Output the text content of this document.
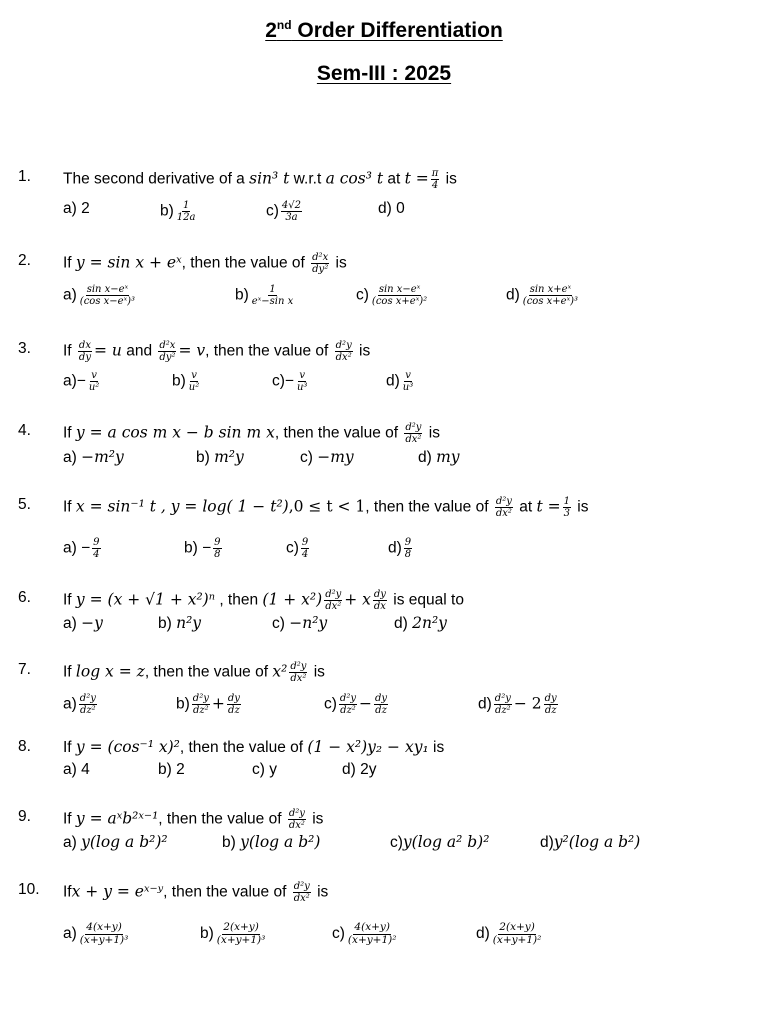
2nd Order Differentiation
Sem-III : 2025
1. The second derivative of a sin³ t w.r.t a cos³ t at $t = \frac{\pi}{4}$ is
a) 2	$b) \frac{1}{12a}$	$c) \frac{4√2}{3a}$	d) 0
2. If y = sin x + eˣ, then the value of $\frac{\text{d²x}}{\text{dy²}}$ is
$a) \frac{\text{sin x−eˣ}}{\text{(cos x−eˣ)³}}$	$b) \frac{1}{\text{eˣ−sin x}}$	$c) \frac{\text{sin x−eˣ}}{\text{(cos x+eˣ)²}}$	$d) \frac{\text{sin x+eˣ}}{\text{(cos x+eˣ)³}}$
3. If $\frac{dx}{dy} = u$ and $\frac{\text{d²x}}{\text{dy²}} = v$, then the value of $\frac{\text{d²y}}{\text{dx²}}$ is
$a)- \frac{v}{\text{u²}}$	$b) \frac{v}{\text{u²}}$	$c)- \frac{v}{\text{u³}}$	$d) \frac{v}{\text{u³}}$
4. If y = a cos m x − b sin m x, then the value of $\frac{\text{d²y}}{\text{dx²}}$ is
a) −m²y	b) m²y	c) −my	d) my
5. If x = sin⁻¹ t , y = log( 1 − t²),0 ≤ t < 1, then the value of $\frac{\text{d²y}}{\text{dx²}}$ at $t = \frac{1}{3}$ is
$a) - \frac{9}{4}$	$b) - \frac{9}{8}$	$c) \frac{9}{4}$	$d) \frac{9}{8}$
6. If y = (x + √1 + x²)ⁿ , then $(1 + x^2) \frac{\text{d²y}}{\text{dx²}} + x \frac{dy}{dx}$ is equal to
a) −y	b) n²y	c) −n²y	d) 2n²y
7. If log x = z, then the value of $x^2 \frac{\text{d²y}}{\text{dx²}}$ is
$a) \frac{\text{d²y}}{\text{dz²}}$	$b) \frac{\text{d²y}}{\text{dz²}} + \frac{dy}{dz}$	$c) \frac{\text{d²y}}{\text{dz²}} - \frac{dy}{dz}$	$d) \frac{\text{d²y}}{\text{dz²}} - 2 \frac{dy}{dz}$
8. If y = (cos⁻¹ x)², then the value of (1 − x²)y₂ − xy₁ is
a) 4	b) 2	c) y	d) 2y
9. If y = aˣb²ˣ⁻¹, then the value of $\frac{\text{d²y}}{\text{dx²}}$ is
a) y(log a b²)²	b) y(log a b²)	c)y(log a² b)²	d)y²(log a b²)
10. Ifx + y = eˣ⁻ʸ, then the value of $\frac{\text{d²y}}{\text{dx²}}$ is
$a) \frac{4(x+y)}{\text{(x+y+1)³}}$	$b) \frac{2(x+y)}{\text{(x+y+1)³}}$	$c) \frac{4(x+y)}{\text{(x+y+1)²}}$	$d) \frac{2(x+y)}{\text{(x+y+1)²}}$
